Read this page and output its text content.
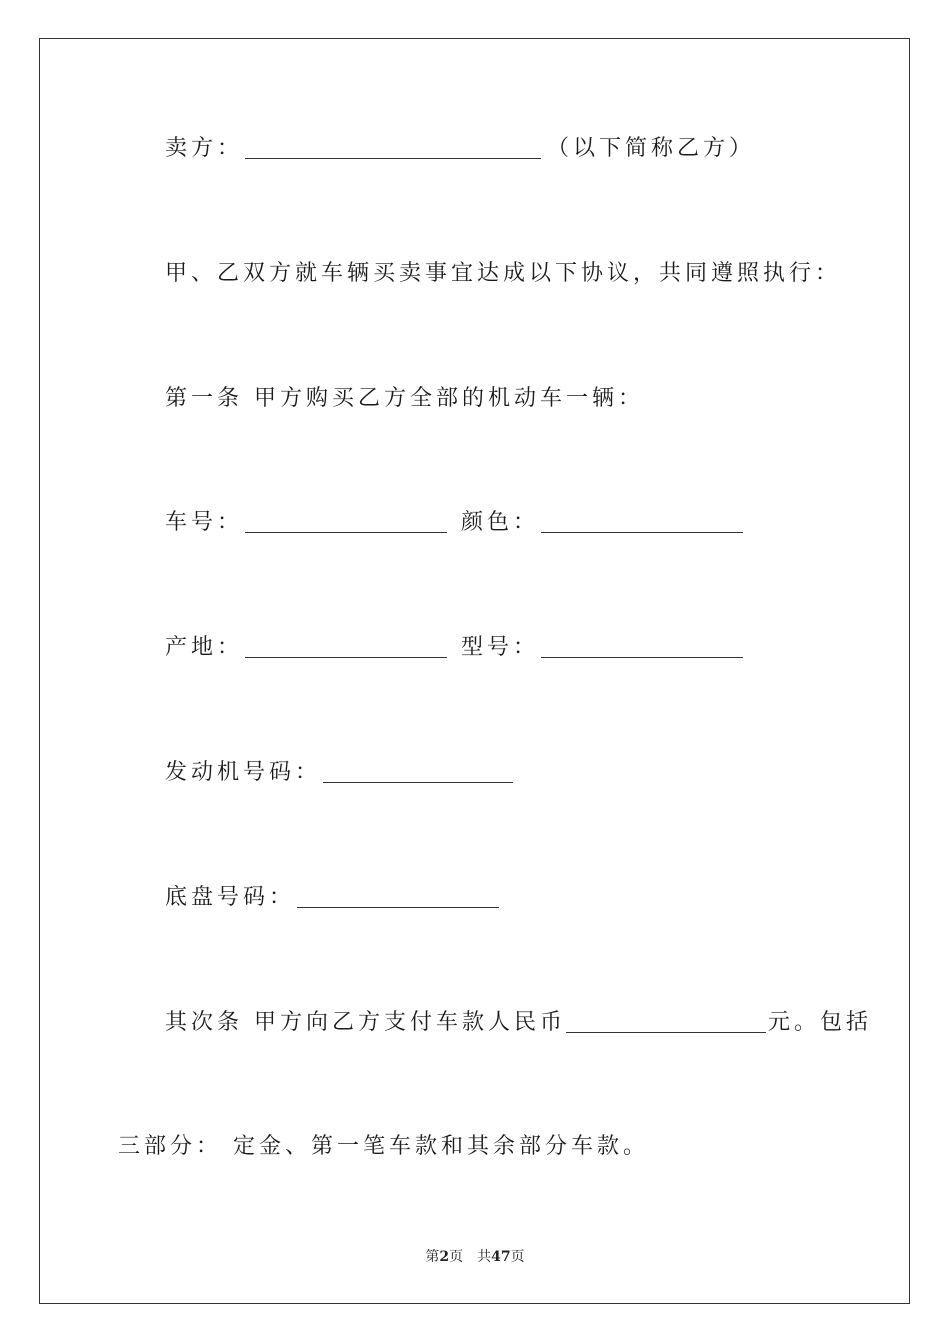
卖方：	（以下简称乙方）
甲、乙双方就车辆买卖事宜达成以下协议，共同遵照执行：
第一条 甲方购买乙方全部的机动车一辆：
车号：	颜色：
产地：	型号：
发动机号码：
底盘号码：
其次条 甲方向乙方支付车款人民币	元。包括
三部分： 定金、第一笔车款和其余部分车款。
第2页 共47页
